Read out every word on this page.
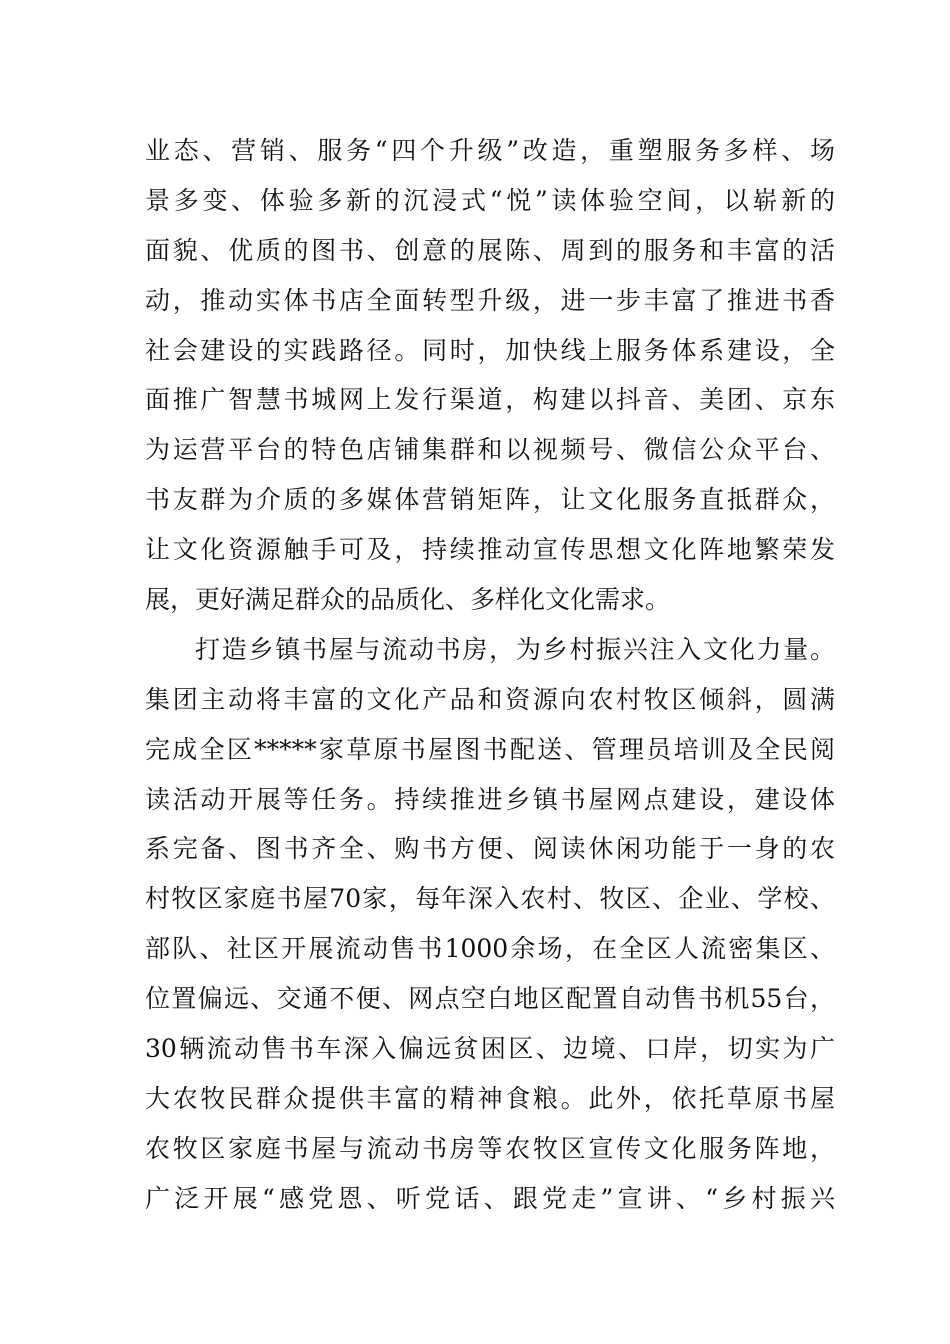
业态、营销、服务“四个升级”改造，重塑服务多样、场
景多变、体验多新的沉浸式“悦”读体验空间，以崭新的
面貌、优质的图书、创意的展陈、周到的服务和丰富的活
动，推动实体书店全面转型升级，进一步丰富了推进书香
社会建设的实践路径。同时，加快线上服务体系建设，全
面推广智慧书城网上发行渠道，构建以抖音、美团、京东
为运营平台的特色店铺集群和以视频号、微信公众平台、
书友群为介质的多媒体营销矩阵，让文化服务直抵群众，
让文化资源触手可及，持续推动宣传思想文化阵地繁荣发
展，更好满足群众的品质化、多样化文化需求。
打造乡镇书屋与流动书房，为乡村振兴注入文化力量。
集团主动将丰富的文化产品和资源向农村牧区倾斜，圆满
完成全区*****家草原书屋图书配送、管理员培训及全民阅
读活动开展等任务。持续推进乡镇书屋网点建设，建设体
系完备、图书齐全、购书方便、阅读休闲功能于一身的农
村牧区家庭书屋70家，每年深入农村、牧区、企业、学校、
部队、社区开展流动售书1000余场，在全区人流密集区、
位置偏远、交通不便、网点空白地区配置自动售书机55台，
30辆流动售书车深入偏远贫困区、边境、口岸，切实为广
大农牧民群众提供丰富的精神食粮。此外，依托草原书屋
农牧区家庭书屋与流动书房等农牧区宣传文化服务阵地，
广泛开展“感党恩、听党话、跟党走”宣讲、“乡村振兴
